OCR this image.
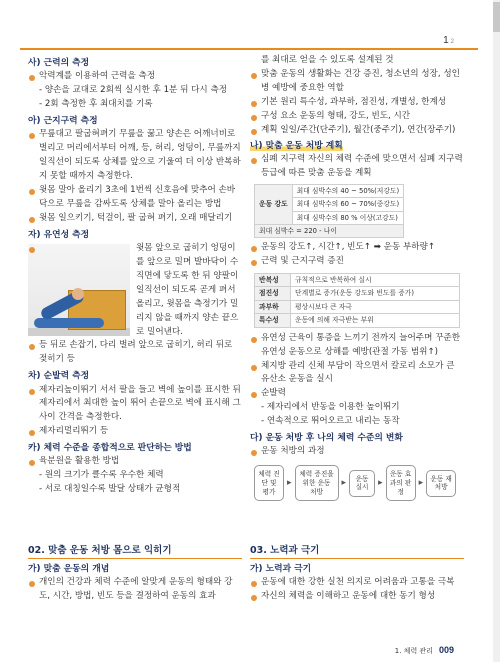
1 2
사) 근력의 측정
악력계를 이용하여 근력을 측정
- 양손을 교대로 2회씩 실시한 후 1분 뒤 다시 측정
- 2회 측정한 후 최대치를 기록
아) 근지구력 측정
무릎대고 팔굽혀펴기 무릎을 꿇고 양손은 어깨너비로 벌리고 머리에서부터 어깨, 등, 허리, 엉덩이, 무릎까지 일직선이 되도록 상체를 앞으로 기울여 더 이상 반복하지 못할 때까지 측정한다.
윗몸 말아 올리기 3초에 1번씩 신호음에 맞추어 손바닥으로 무릎을 감싸도록 상체를 말아 올리는 방법
윗몸 일으키기, 턱걸이, 팔 굽혀 펴기, 오래 매달리기
자) 유연성 측정
윗몸 앞으로 굽히기 엉덩이를 앞으로 밀며 발바닥이 수직면에 닿도록 한 뒤 양팔이 일직선이 되도록 곧게 펴서 올리고, 윗몸을 측정기가 밀리지 않을 때까지 양손 끝으로 밀어낸다.
등 뒤로 손잡기, 다리 벌려 앞으로 굽히기, 허리 뒤로 젖히기 등
차) 순발력 측정
제자리높이뛰기 서서 팔을 들고 벽에 높이를 표시한 뒤 제자리에서 최대한 높이 뛰어 손끝으로 벽에 표시해 그 사이 간격을 측정한다.
제자리멀리뛰기 등
카) 체력 수준을 종합적으로 판단하는 방법
육분원을 활용한 방법
- 원의 크기가 클수록 우수한 체력
- 서로 대칭일수록 발달 상태가 균형적
02. 맞춤 운동 처방 몸으로 익히기
가) 맞춤 운동의 개념
개인의 건강과 체력 수준에 알맞게 운동의 형태와 강도, 시간, 방법, 빈도 등을 결정하여 운동의 효과
를 최대로 얻을 수 있도록 설계된 것
맞춤 운동의 생활화는 건강 증진, 청소년의 성장, 성인병 예방에 중요한 역할
기본 원리 특수성, 과부하, 점진성, 개별성, 한계성
구성 요소 운동의 형태, 강도, 빈도, 시간
계획 일일/주간(단주기), 월간(중주기), 연간(장주기)
나) 맞춤 운동 처방 계획
심폐 지구력 자신의 체력 수준에 맞으면서 심폐 지구력 등급에 따른 맞춤 운동을 계획
운동 강도	최대 심박수의 40 ~ 50%(저강도)
최대 심박수의 60 ~ 70%(중강도)
최대 심박수의 80 % 이상(고강도)
최대 심박수 = 220 - 나이
운동의 강도↑, 시간↑, 빈도↑ ➡ 운동 부하량↑
근력 및 근지구력 증진
반복성	규칙적으로 반복하여 실시
점진성	단계별로 증가(운동 강도와 빈도를 증가)
과부하	평상시보다 큰 자극
특수성	운동에 의해 자극받는 부위
유연성 근육이 통증을 느끼기 전까지 늘어주며 꾸준한 유연성 운동으로 상해를 예방(관절 가동 범위↑)
체지방 관리 신체 부담이 작으면서 칼로리 소모가 큰 유산소 운동을 실시
순발력
- 제자리에서 반동을 이용한 높이뛰기
- 연속적으로 뛰어오르고 내리는 동작
다) 운동 처방 후 나의 체력 수준의 변화
운동 처방의 과정
체력 진단 및 평가
▸
체력 증진을 위한 운동 처방
▸	운동 실시	▸
운동 효과의 판정
▸	운동 재처방
03. 노력과 극기
가) 노력과 극기
운동에 대한 강한 실천 의지로 어려움과 고통을 극복
자신의 체력을 이해하고 운동에 대한 동기 형성
1. 체력 관리 009
